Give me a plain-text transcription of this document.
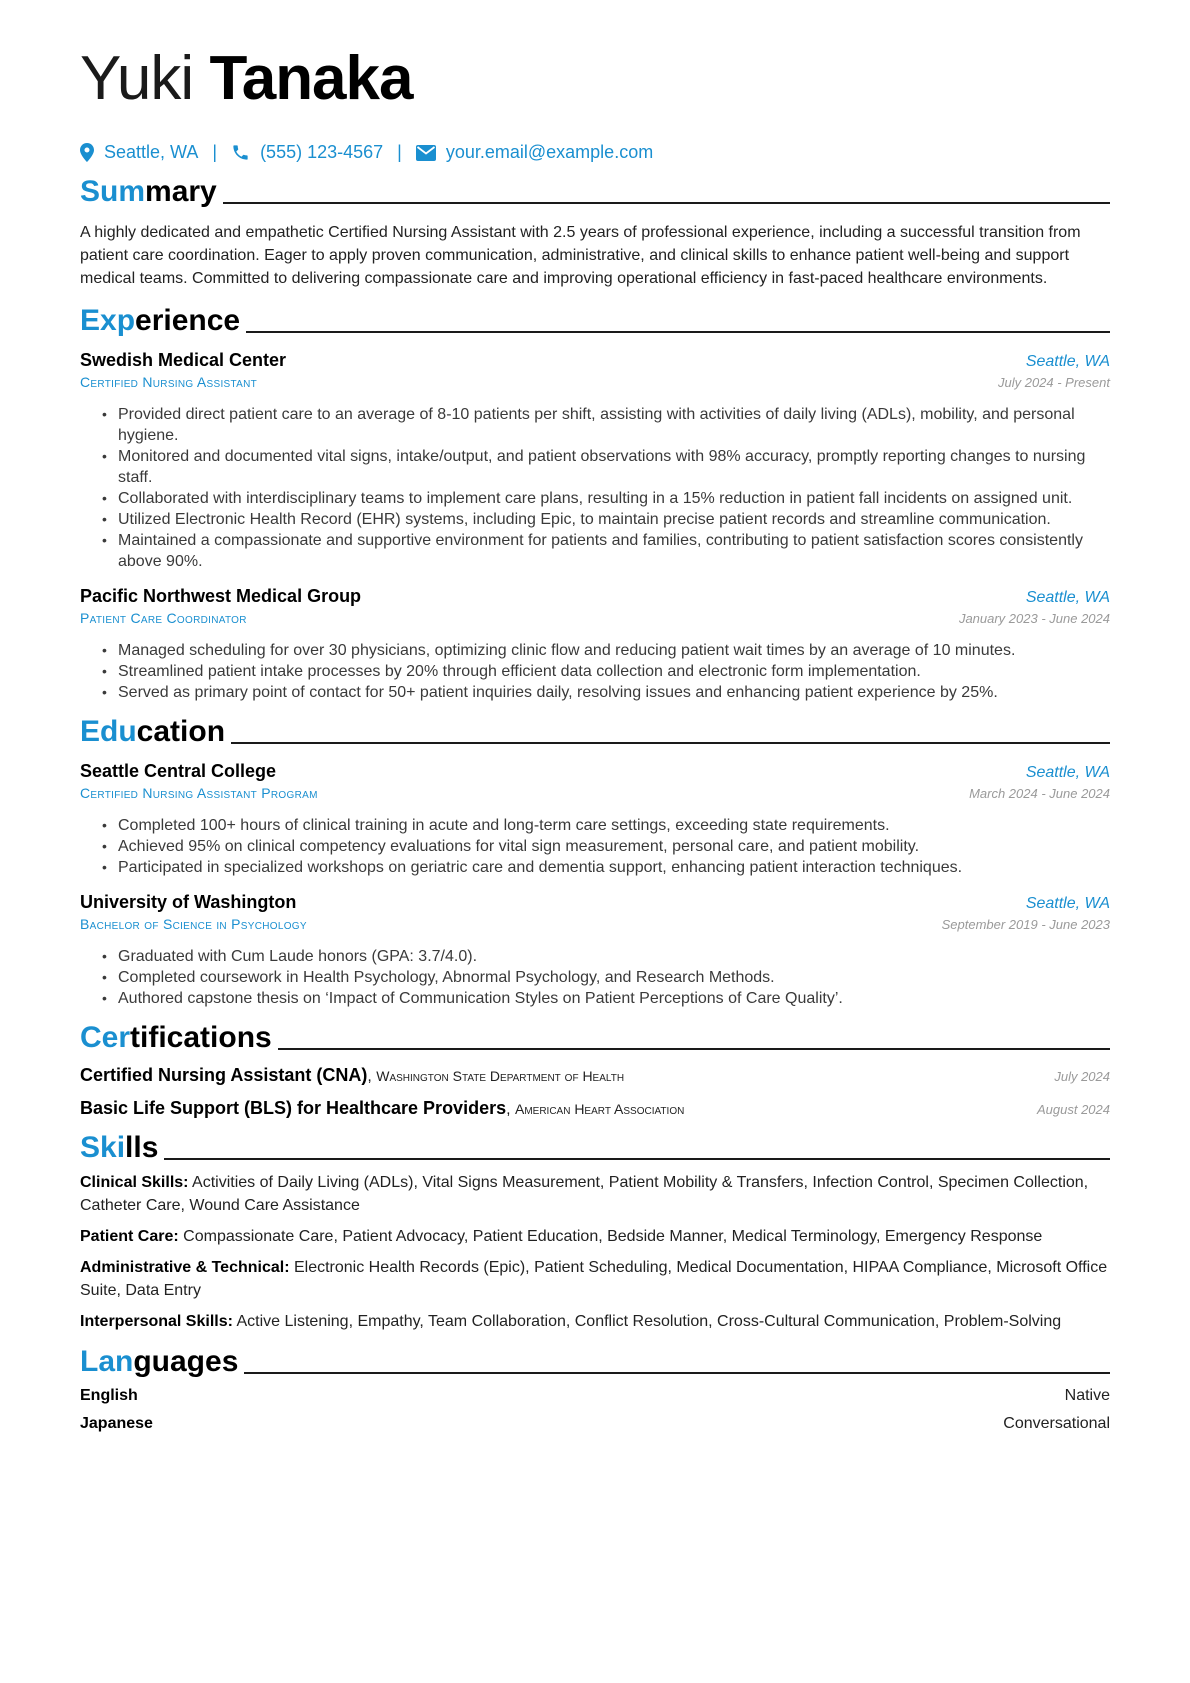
Yuki Tanaka
Seattle, WA | (555) 123-4567 | your.email@example.com
Summary

A highly dedicated and empathetic Certified Nursing Assistant with 2.5 years of professional experience, including a successful transition from patient care coordination. Eager to apply proven communication, administrative, and clinical skills to enhance patient well-being and support medical teams. Committed to delivering compassionate care and improving operational efficiency in fast-paced healthcare environments.

Experience
Swedish Medical Center	Seattle, WA
Certified Nursing Assistant	July 2024 - Present
• Provided direct patient care to an average of 8-10 patients per shift, assisting with activities of daily living (ADLs), mobility, and personal hygiene.
• Monitored and documented vital signs, intake/output, and patient observations with 98% accuracy, promptly reporting changes to nursing staff.
• Collaborated with interdisciplinary teams to implement care plans, resulting in a 15% reduction in patient fall incidents on assigned unit.
• Utilized Electronic Health Record (EHR) systems, including Epic, to maintain precise patient records and streamline communication.
• Maintained a compassionate and supportive environment for patients and families, contributing to patient satisfaction scores consistently above 90%.
Pacific Northwest Medical Group	Seattle, WA
Patient Care Coordinator	January 2023 - June 2024
• Managed scheduling for over 30 physicians, optimizing clinic flow and reducing patient wait times by an average of 10 minutes.
• Streamlined patient intake processes by 20% through efficient data collection and electronic form implementation.
• Served as primary point of contact for 50+ patient inquiries daily, resolving issues and enhancing patient experience by 25%.
Education
Seattle Central College	Seattle, WA
Certified Nursing Assistant Program	March 2024 - June 2024
• Completed 100+ hours of clinical training in acute and long-term care settings, exceeding state requirements.
• Achieved 95% on clinical competency evaluations for vital sign measurement, personal care, and patient mobility.
• Participated in specialized workshops on geriatric care and dementia support, enhancing patient interaction techniques.
University of Washington	Seattle, WA
Bachelor of Science in Psychology	September 2019 - June 2023
• Graduated with Cum Laude honors (GPA: 3.7/4.0).
• Completed coursework in Health Psychology, Abnormal Psychology, and Research Methods.
• Authored capstone thesis on ‘Impact of Communication Styles on Patient Perceptions of Care Quality’.
Certifications
Certified Nursing Assistant (CNA), Washington State Department of Health	July 2024
Basic Life Support (BLS) for Healthcare Providers, American Heart Association	August 2024
Skills
Clinical Skills: Activities of Daily Living (ADLs), Vital Signs Measurement, Patient Mobility & Transfers, Infection Control, Specimen Collection, Catheter Care, Wound Care Assistance
Patient Care: Compassionate Care, Patient Advocacy, Patient Education, Bedside Manner, Medical Terminology, Emergency Response
Administrative & Technical: Electronic Health Records (Epic), Patient Scheduling, Medical Documentation, HIPAA Compliance, Microsoft Office Suite, Data Entry
Interpersonal Skills: Active Listening, Empathy, Team Collaboration, Conflict Resolution, Cross-Cultural Communication, Problem-Solving
Languages
English	Native
Japanese	Conversational
